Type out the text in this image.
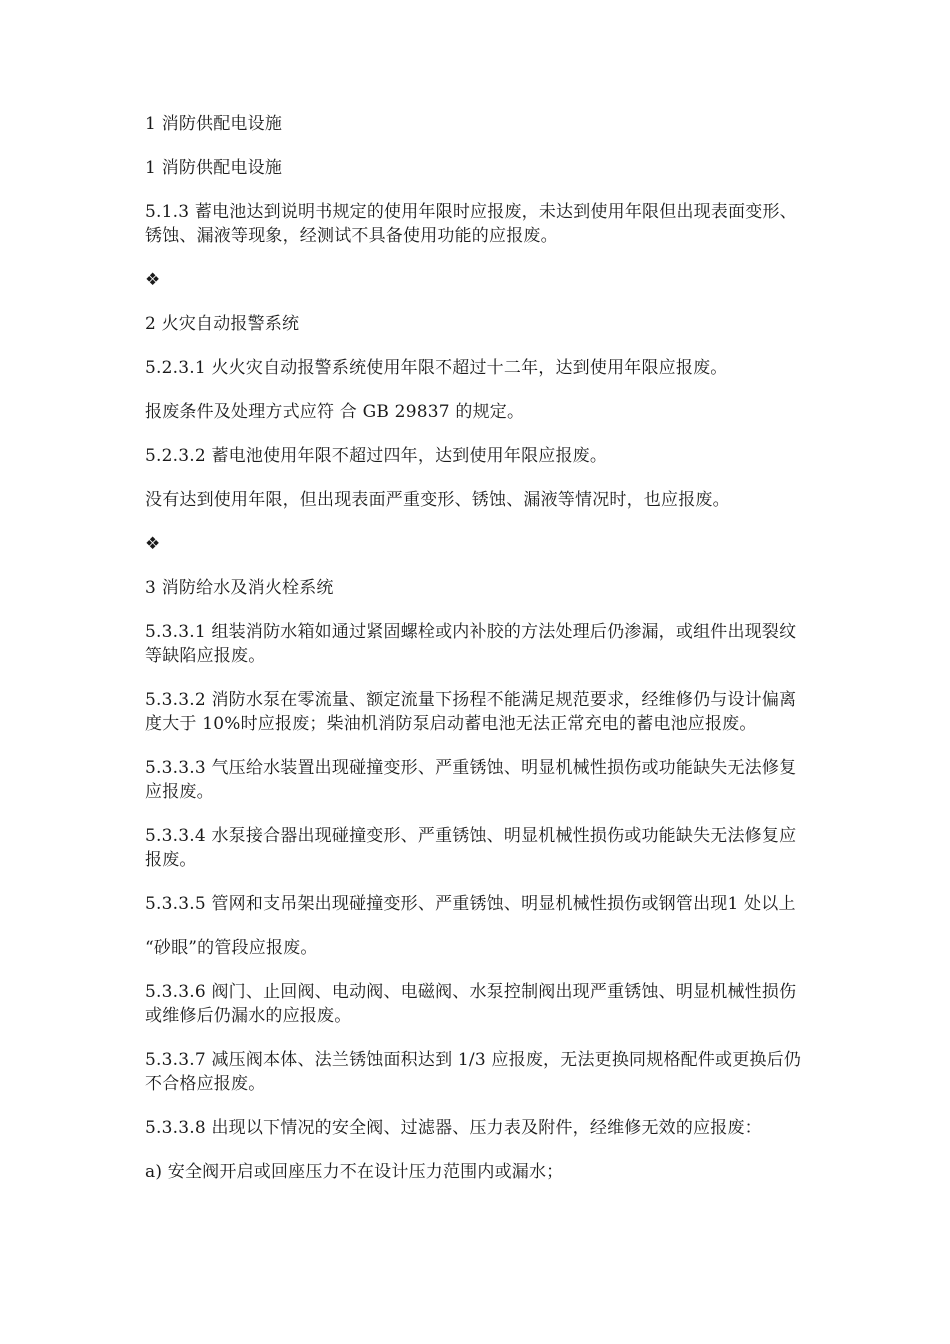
1 消防供配电设施

1 消防供配电设施

5.1.3 蓄电池达到说明书规定的使用年限时应报废，未达到使用年限但出现表面变形、锈蚀、漏液等现象，经测试不具备使用功能的应报废。

❖

2 火灾自动报警系统

5.2.3.1 火火灾自动报警系统使用年限不超过十二年，达到使用年限应报废。

报废条件及处理方式应符 合 GB 29837 的规定。

5.2.3.2 蓄电池使用年限不超过四年，达到使用年限应报废。

没有达到使用年限，但出现表面严重变形、锈蚀、漏液等情况时，也应报废。

❖

3 消防给水及消火栓系统

5.3.3.1 组装消防水箱如通过紧固螺栓或内补胶的方法处理后仍渗漏，或组件出现裂纹等缺陷应报废。

5.3.3.2 消防水泵在零流量、额定流量下扬程不能满足规范要求，经维修仍与设计偏离度大于 10%时应报废；柴油机消防泵启动蓄电池无法正常充电的蓄电池应报废。

5.3.3.3 气压给水装置出现碰撞变形、严重锈蚀、明显机械性损伤或功能缺失无法修复应报废。

5.3.3.4 水泵接合器出现碰撞变形、严重锈蚀、明显机械性损伤或功能缺失无法修复应报废。

5.3.3.5 管网和支吊架出现碰撞变形、严重锈蚀、明显机械性损伤或钢管出现1 处以上

“砂眼”的管段应报废。

5.3.3.6 阀门、止回阀、电动阀、电磁阀、水泵控制阀出现严重锈蚀、明显机械性损伤或维修后仍漏水的应报废。

5.3.3.7 减压阀本体、法兰锈蚀面积达到 1/3 应报废，无法更换同规格配件或更换后仍不合格应报废。

5.3.3.8 出现以下情况的安全阀、过滤器、压力表及附件，经维修无效的应报废：

a) 安全阀开启或回座压力不在设计压力范围内或漏水；
